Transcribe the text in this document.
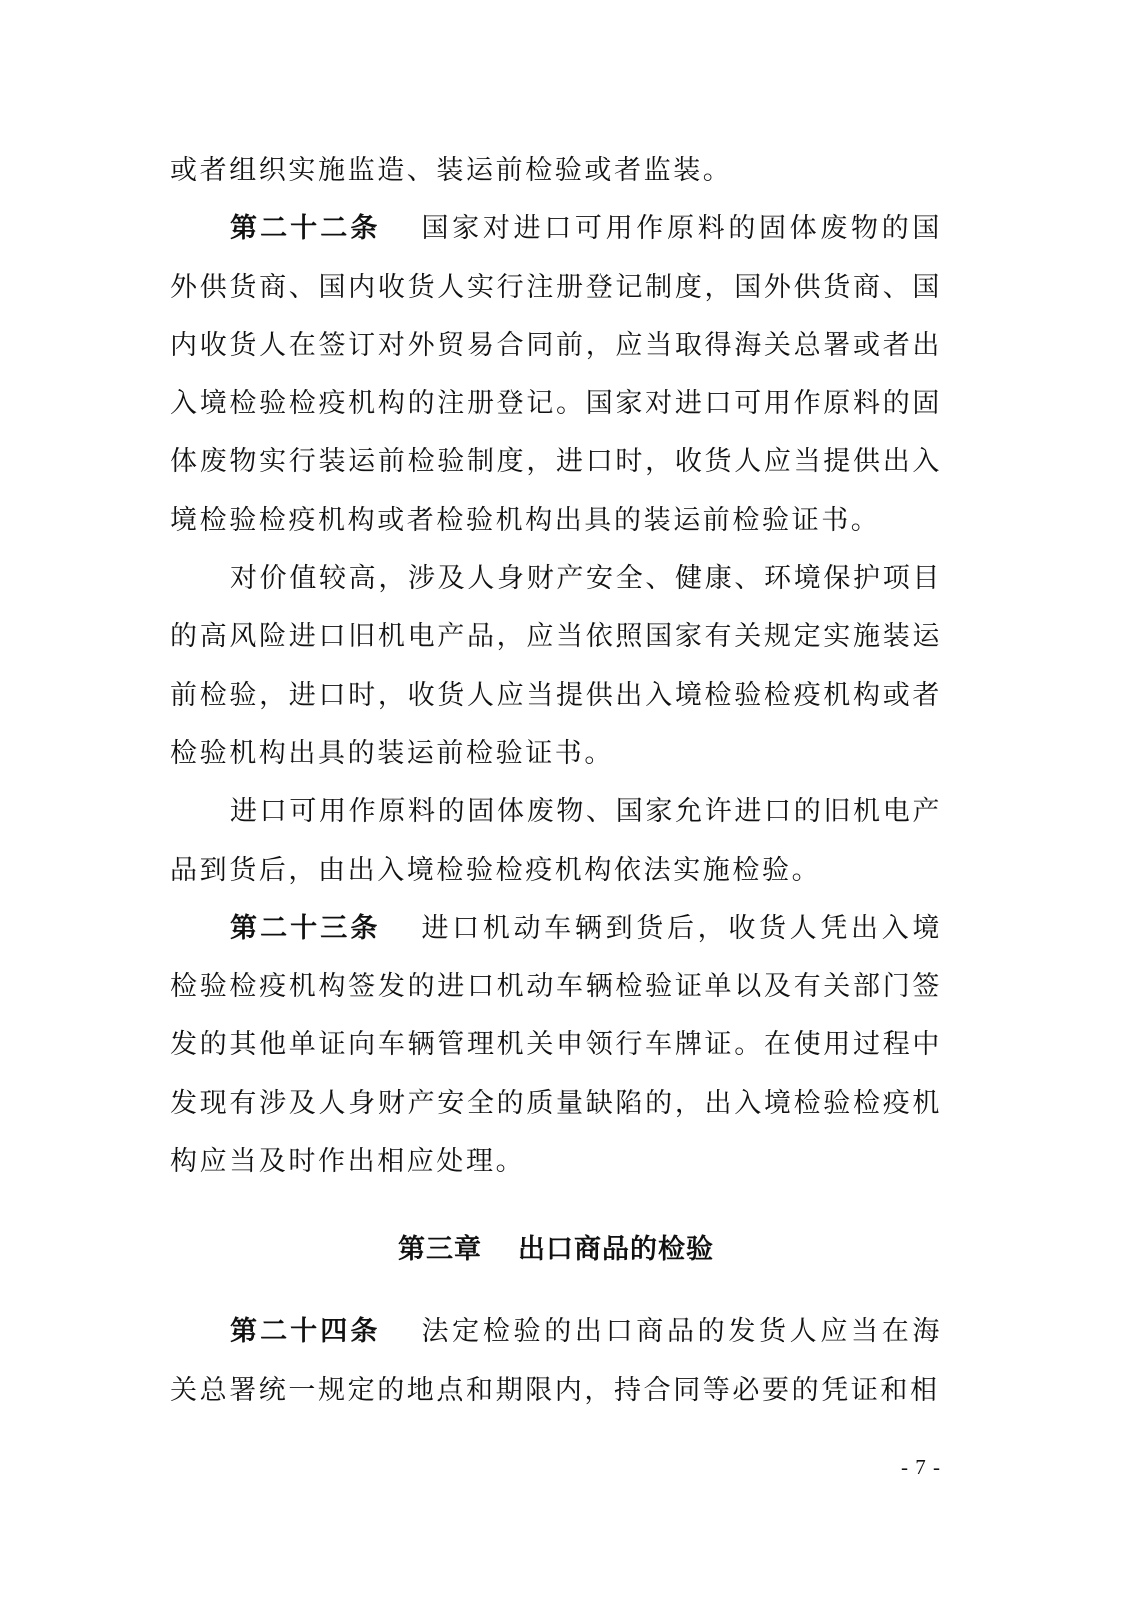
或者组织实施监造、装运前检验或者监装。

第二十二条 国家对进口可用作原料的固体废物的国外供货商、国内收货人实行注册登记制度，国外供货商、国内收货人在签订对外贸易合同前，应当取得海关总署或者出入境检验检疫机构的注册登记。国家对进口可用作原料的固体废物实行装运前检验制度，进口时，收货人应当提供出入境检验检疫机构或者检验机构出具的装运前检验证书。

对价值较高，涉及人身财产安全、健康、环境保护项目的高风险进口旧机电产品，应当依照国家有关规定实施装运前检验，进口时，收货人应当提供出入境检验检疫机构或者检验机构出具的装运前检验证书。

进口可用作原料的固体废物、国家允许进口的旧机电产品到货后，由出入境检验检疫机构依法实施检验。

第二十三条 进口机动车辆到货后，收货人凭出入境检验检疫机构签发的进口机动车辆检验证单以及有关部门签发的其他单证向车辆管理机关申领行车牌证。在使用过程中发现有涉及人身财产安全的质量缺陷的，出入境检验检疫机构应当及时作出相应处理。

第三章 出口商品的检验

第二十四条 法定检验的出口商品的发货人应当在海关总署统一规定的地点和期限内，持合同等必要的凭证和相

- 7 -
